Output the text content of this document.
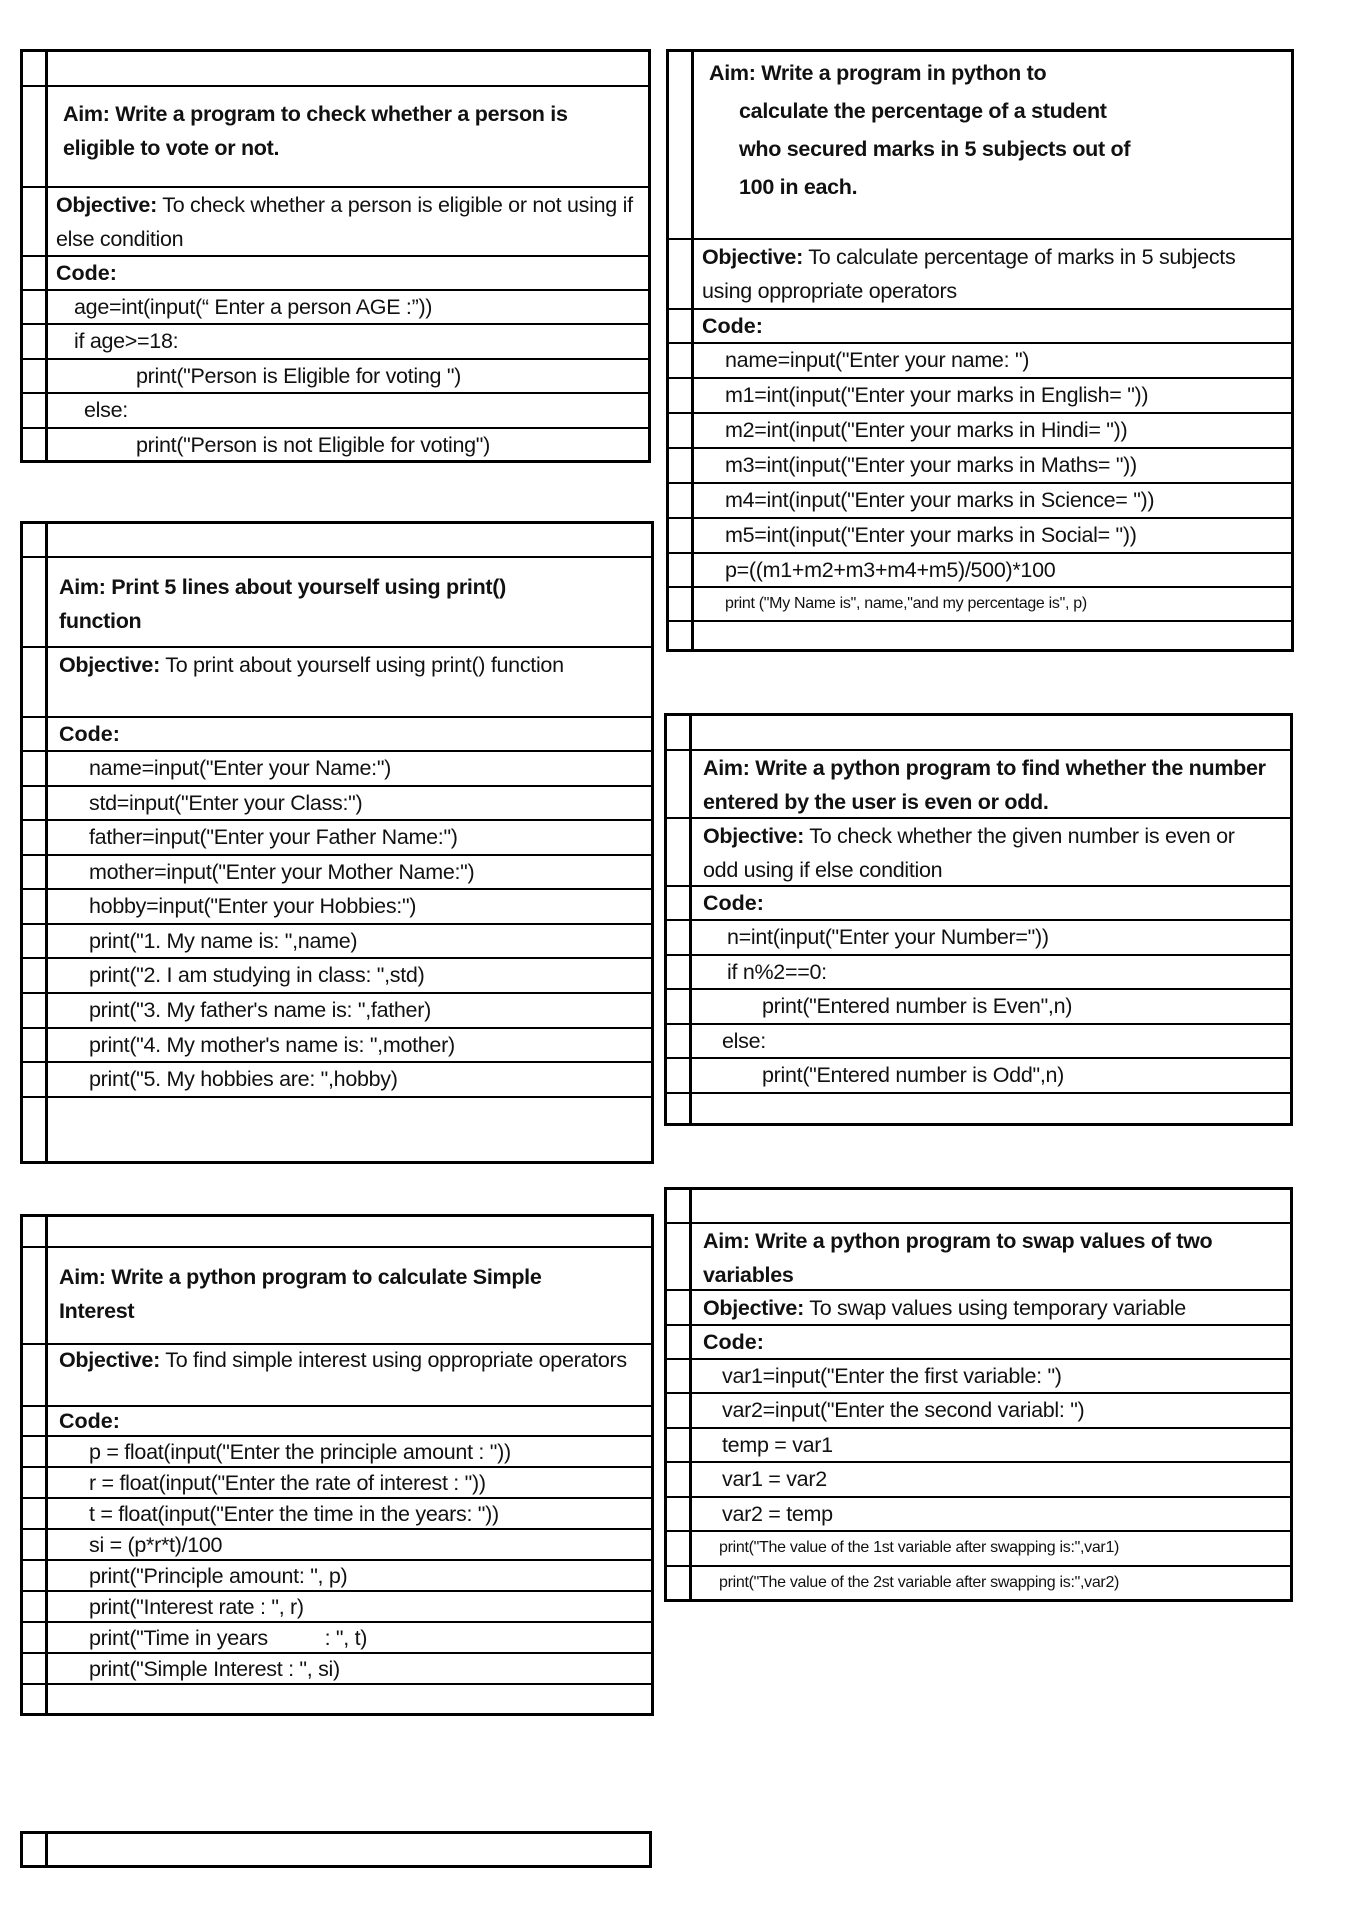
Aim: Write a program to check whether a person is eligible to vote or not.
Objective: To check whether a person is eligible or not using if else condition
Code:
age=int(input(“ Enter a person AGE :”))
if age>=18:
print("Person is Eligible for voting ")
else:
print("Person is not Eligible for voting")
Aim: Write a program in python to
calculate the percentage of a student
who secured marks in 5 subjects out of
100 in each.
Objective: To calculate percentage of marks in 5 subjects using oppropriate operators
Code:
name=input("Enter your name: ")
m1=int(input("Enter your marks in English= "))
m2=int(input("Enter your marks in Hindi= "))
m3=int(input("Enter your marks in Maths= "))
m4=int(input("Enter your marks in Science= "))
m5=int(input("Enter your marks in Social= "))
p=((m1+m2+m3+m4+m5)/500)*100
print ("My Name is", name,"and my percentage is", p)
Aim: Print 5 lines about yourself using print() function
Objective: To print about yourself using print() function
Code:
name=input("Enter your Name:")
std=input("Enter your Class:")
father=input("Enter your Father Name:")
mother=input("Enter your Mother Name:")
hobby=input("Enter your Hobbies:")
print("1. My name is: ",name)
print("2. I am studying in class: ",std)
print("3. My father's name is: ",father)
print("4. My mother's name is: ",mother)
print("5. My hobbies are: ",hobby)
Aim: Write a python program to find whether the number entered by the user is even or odd.
Objective: To check whether the given number is even or odd using if else condition
Code:
n=int(input("Enter your Number="))
if n%2==0:
print("Entered number is Even",n)
else:
print("Entered number is Odd",n)
Aim: Write a python program to calculate Simple Interest
Objective: To find simple interest using oppropriate operators
Code:
p = float(input("Enter the principle amount : "))
r = float(input("Enter the rate of interest : "))
t = float(input("Enter the time in the years: "))
si = (p*r*t)/100
print("Principle amount: ", p)
print("Interest rate : ", r)
print("Time in years          : ", t)
print("Simple Interest : ", si)
Aim: Write a python program to swap values of two variables
Objective: To swap values using temporary variable
Code:
var1=input("Enter the first variable: ")
var2=input("Enter the second variabl: ")
temp = var1
var1 = var2
var2 = temp
print("The value of the 1st variable after swapping is:",var1)
print("The value of the 2st variable after swapping is:",var2)
